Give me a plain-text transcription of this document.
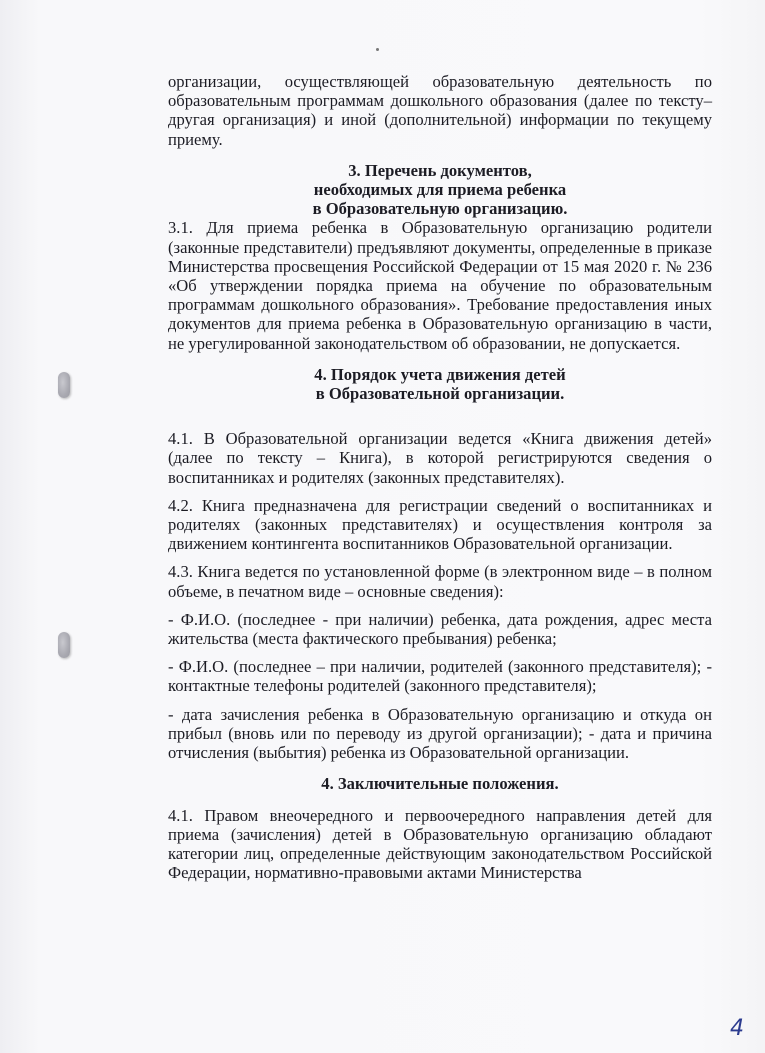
организации, осуществляющей образовательную деятельность по образовательным программам дошкольного образования (далее по тексту– другая организация) и иной (дополнительной) информации по текущему приему.

3. Перечень документов,
необходимых для приема ребенка
в Образовательную организацию.

3.1. Для приема ребенка в Образовательную организацию родители (законные представители) предъявляют документы, определенные в приказе Министерства просвещения Российской Федерации от 15 мая 2020 г. № 236 «Об утверждении порядка приема на обучение по образовательным программам дошкольного образования». Требование предоставления иных документов для приема ребенка в Образовательную организацию в части, не урегулированной законодательством об образовании, не допускается.

4. Порядок учета движения детей
в Образовательной организации.

4.1. В Образовательной организации ведется «Книга движения детей» (далее по тексту – Книга), в которой регистрируются сведения о воспитанниках и родителях (законных представителях).

4.2. Книга предназначена для регистрации сведений о воспитанниках и родителях (законных представителях) и осуществления контроля за движением контингента воспитанников Образовательной организации.

4.3. Книга ведется по установленной форме (в электронном виде – в полном объеме, в печатном виде – основные сведения):

- Ф.И.О. (последнее - при наличии) ребенка, дата рождения, адрес места жительства (места фактического пребывания) ребенка;

- Ф.И.О. (последнее – при наличии, родителей (законного представителя); - контактные телефоны родителей (законного представителя);

- дата зачисления ребенка в Образовательную организацию и откуда он прибыл (вновь или по переводу из другой организации); - дата и причина отчисления (выбытия) ребенка из Образовательной организации.

4. Заключительные положения.

4.1. Правом внеочередного и первоочередного направления детей для приема (зачисления) детей в Образовательную организацию обладают категории лиц, определенные действующим законодательством Российской Федерации, нормативно-правовыми актами Министерства

4
